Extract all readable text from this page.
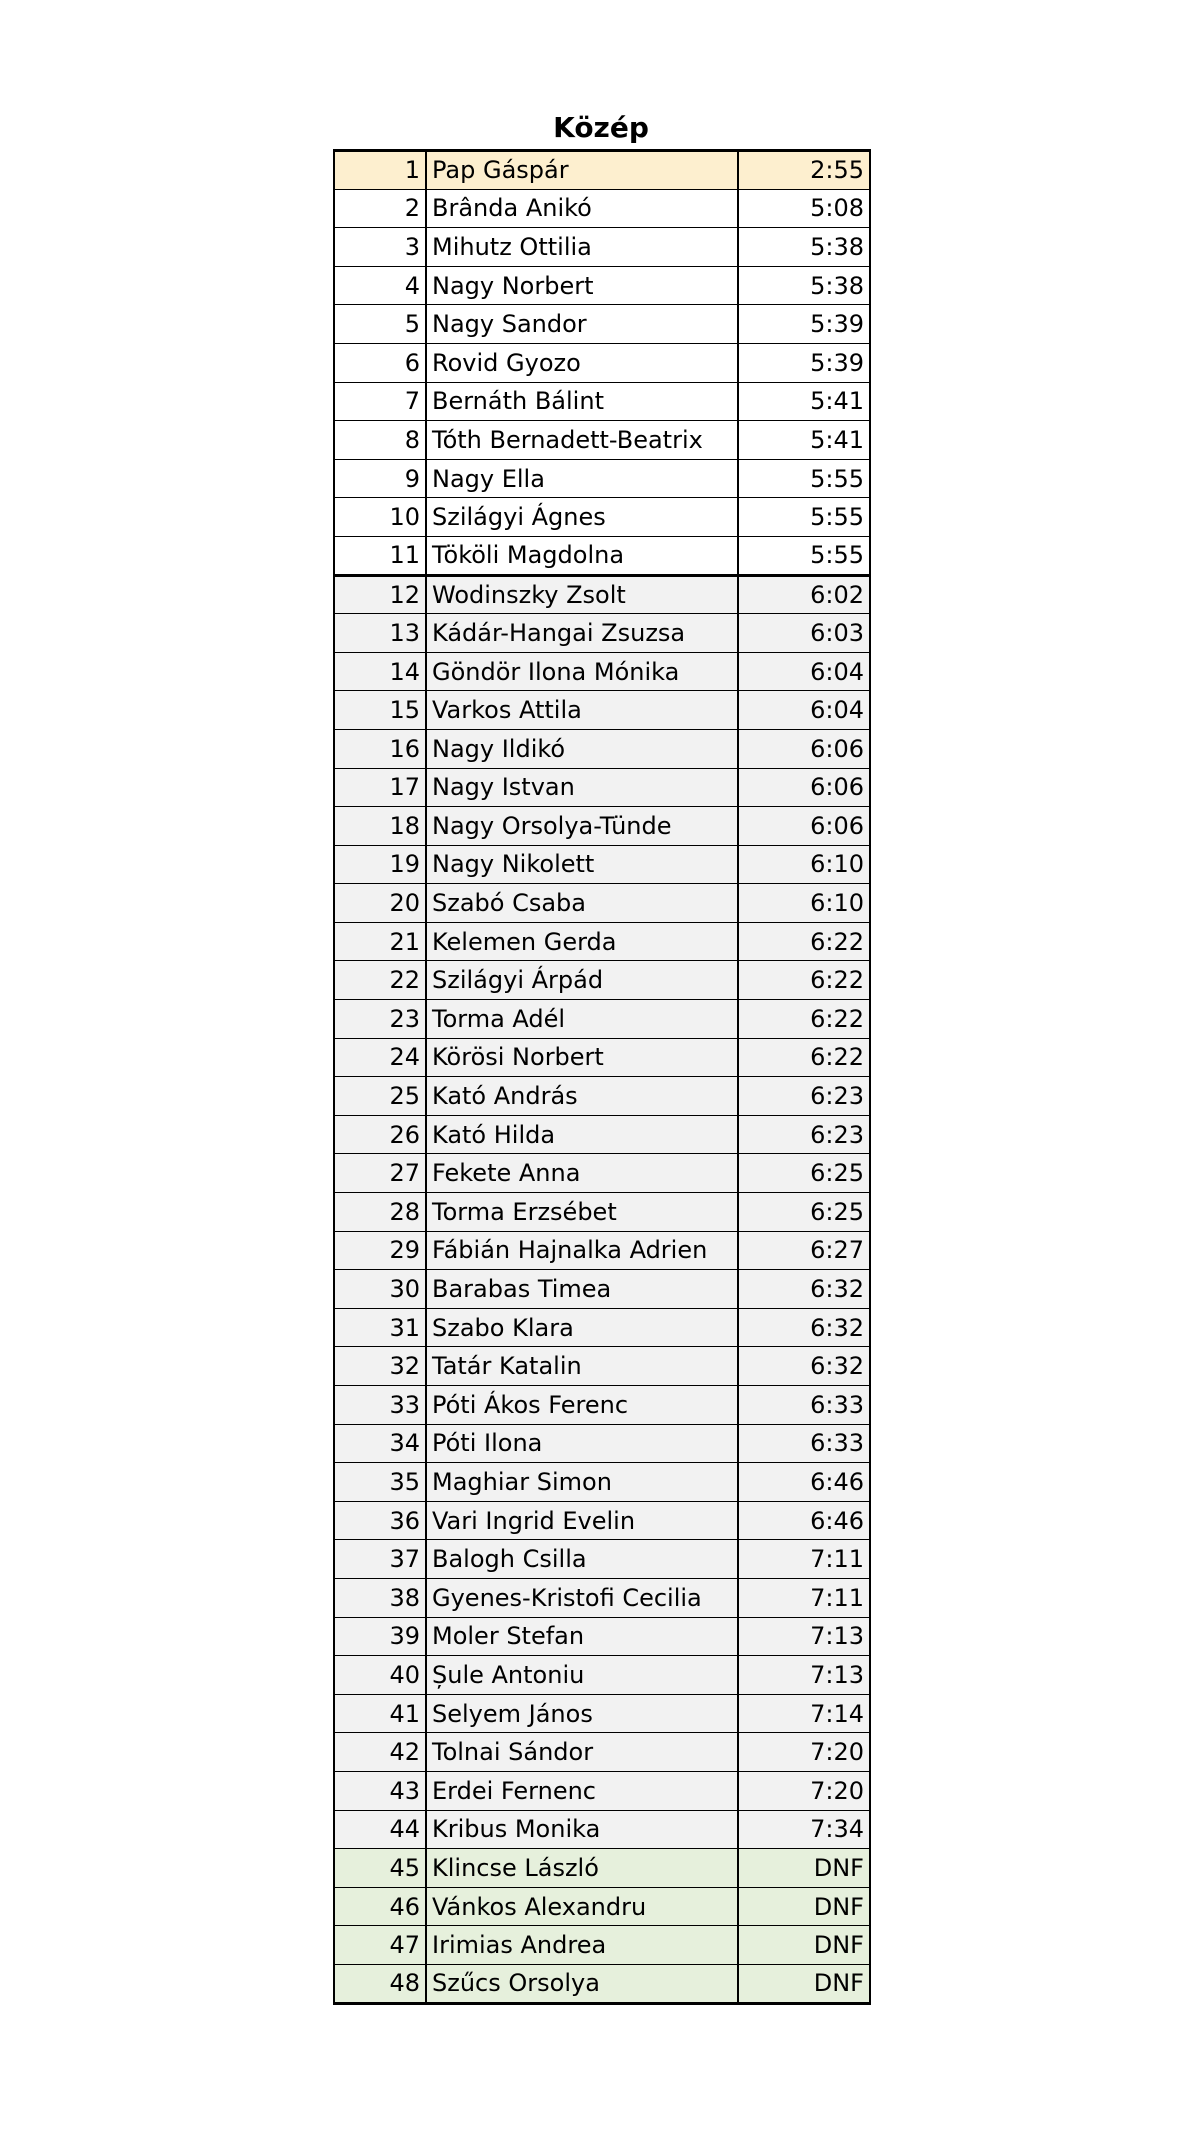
Közép
1	Pap Gáspár	2:55
2	Brânda Anikó	5:08
3	Mihutz Ottilia	5:38
4	Nagy Norbert	5:38
5	Nagy Sandor	5:39
6	Rovid Gyozo	5:39
7	Bernáth Bálint	5:41
8	Tóth Bernadett-Beatrix	5:41
9	Nagy Ella	5:55
10	Szilágyi Ágnes	5:55
11	Tököli Magdolna	5:55
12	Wodinszky Zsolt	6:02
13	Kádár-Hangai Zsuzsa	6:03
14	Göndör Ilona Mónika	6:04
15	Varkos Attila	6:04
16	Nagy Ildikó	6:06
17	Nagy Istvan	6:06
18	Nagy Orsolya-Tünde	6:06
19	Nagy Nikolett	6:10
20	Szabó Csaba	6:10
21	Kelemen Gerda	6:22
22	Szilágyi Árpád	6:22
23	Torma Adél	6:22
24	Körösi Norbert	6:22
25	Kató András	6:23
26	Kató Hilda	6:23
27	Fekete Anna	6:25
28	Torma Erzsébet	6:25
29	Fábián Hajnalka Adrien	6:27
30	Barabas Timea	6:32
31	Szabo Klara	6:32
32	Tatár Katalin	6:32
33	Póti Ákos Ferenc	6:33
34	Póti Ilona	6:33
35	Maghiar Simon	6:46
36	Vari Ingrid Evelin	6:46
37	Balogh Csilla	7:11
38	Gyenes-Kristofi Cecilia	7:11
39	Moler Stefan	7:13
40	Șule Antoniu	7:13
41	Selyem János	7:14
42	Tolnai Sándor	7:20
43	Erdei Fernenc	7:20
44	Kribus Monika	7:34
45	Klincse László	DNF
46	Vánkos Alexandru	DNF
47	Irimias Andrea	DNF
48	Szűcs Orsolya	DNF
